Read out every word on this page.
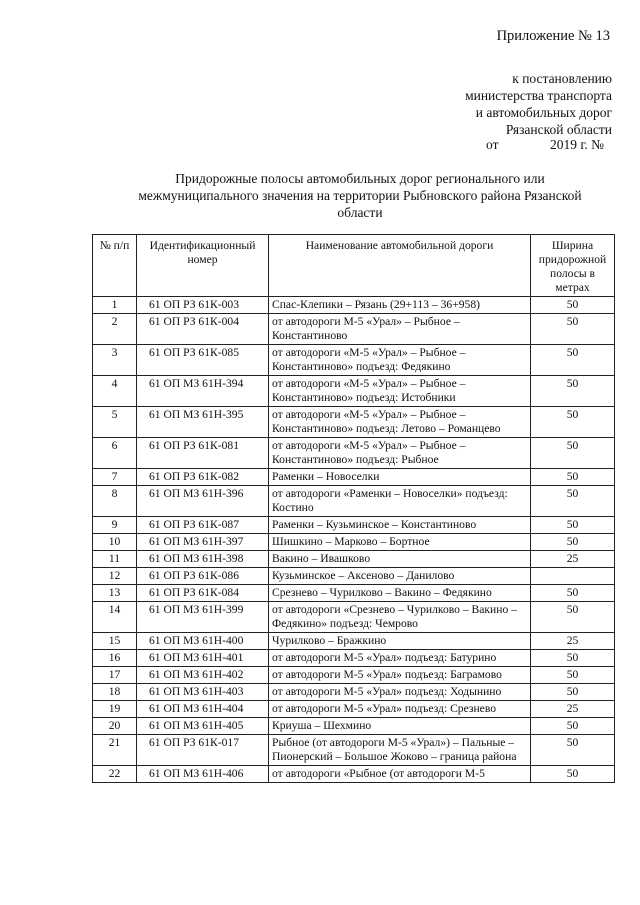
Приложение № 13
к постановлению
министерства транспорта
и автомобильных дорог
Рязанской области
от	2019 г. №
Придорожные полосы автомобильных дорог регионального или
межмуниципального значения на территории Рыбновского района Рязанской
области
№ п/п	Идентификационный номер	Наименование автомобильной дороги	Ширина придорожной полосы в метрах
1	61 ОП РЗ 61К-003	Спас-Клепики – Рязань (29+113 – 36+958)	50
2	61 ОП РЗ 61К-004	от автодороги М-5 «Урал» – Рыбное – Константиново	50
3	61 ОП РЗ 61К-085	от автодороги «М-5 «Урал» – Рыбное – Константиново» подъезд: Федякино	50
4	61 ОП МЗ 61Н-394	от автодороги «М-5 «Урал» – Рыбное – Константиново» подъезд: Истобники	50
5	61 ОП МЗ 61Н-395	от автодороги «М-5 «Урал» – Рыбное – Константиново» подъезд: Летово – Романцево	50
6	61 ОП РЗ 61К-081	от автодороги «М-5 «Урал» – Рыбное – Константиново» подъезд: Рыбное	50
7	61 ОП РЗ 61К-082	Раменки – Новоселки	50
8	61 ОП МЗ 61Н-396	от автодороги «Раменки – Новоселки» подъезд: Костино	50
9	61 ОП РЗ 61К-087	Раменки – Кузьминское – Константиново	50
10	61 ОП МЗ 61Н-397	Шишкино – Марково – Бортное	50
11	61 ОП МЗ 61Н-398	Вакино – Ивашково	25
12	61 ОП РЗ 61К-086	Кузьминское – Аксеново – Данилово	
13	61 ОП РЗ 61К-084	Срезнево – Чурилково – Вакино – Федякино	50
14	61 ОП МЗ 61Н-399	от автодороги «Срезнево – Чурилково – Вакино – Федякино» подъезд: Чемрово	50
15	61 ОП МЗ 61Н-400	Чурилково – Бражкино	25
16	61 ОП МЗ 61Н-401	от автодороги М-5 «Урал» подъезд: Батурино	50
17	61 ОП МЗ 61Н-402	от автодороги М-5 «Урал» подъезд: Баграмово	50
18	61 ОП МЗ 61Н-403	от автодороги М-5 «Урал» подъезд: Ходынино	50
19	61 ОП МЗ 61Н-404	от автодороги М-5 «Урал» подъезд: Срезнево	25
20	61 ОП МЗ 61Н-405	Криуша – Шехмино	50
21	61 ОП РЗ 61К-017	Рыбное (от автодороги М-5 «Урал») – Пальные – Пионерский – Большое Жоково – граница района	50
22	61 ОП МЗ 61Н-406	от автодороги «Рыбное (от автодороги М-5	50
